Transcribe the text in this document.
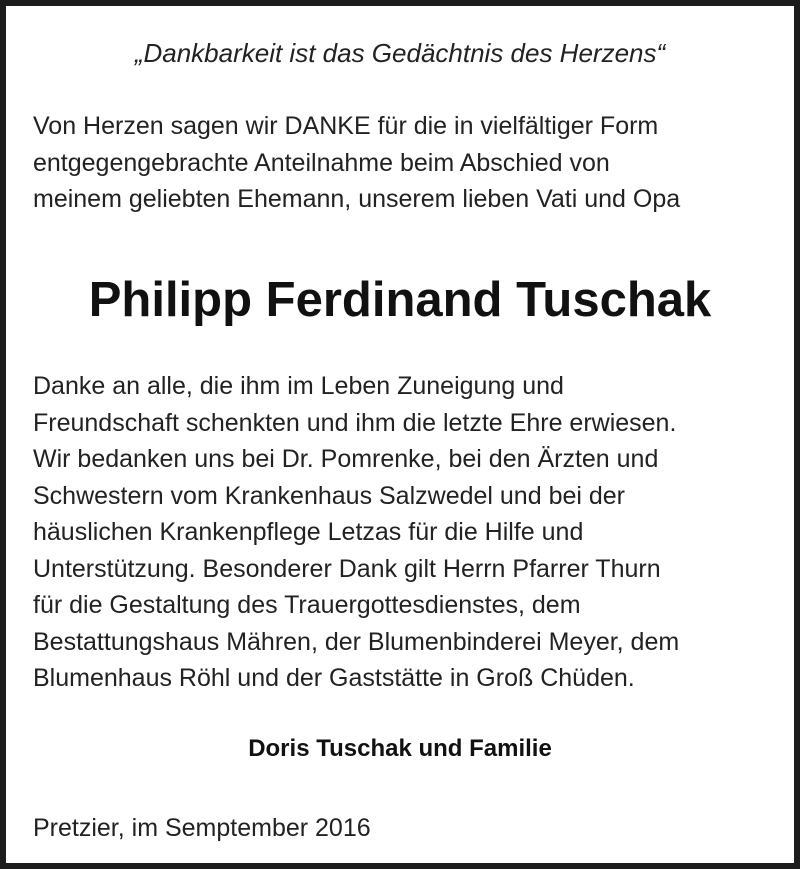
„Dankbarkeit ist das Gedächtnis des Herzens“
Von Herzen sagen wir DANKE für die in vielfältiger Form
entgegengebrachte Anteilnahme beim Abschied von
meinem geliebten Ehemann, unserem lieben Vati und Opa
Philipp Ferdinand Tuschak
Danke an alle, die ihm im Leben Zuneigung und
Freundschaft schenkten und ihm die letzte Ehre erwiesen.
Wir bedanken uns bei Dr. Pomrenke, bei den Ärzten und
Schwestern vom Krankenhaus Salzwedel und bei der
häuslichen Krankenpflege Letzas für die Hilfe und
Unterstützung. Besonderer Dank gilt Herrn Pfarrer Thurn
für die Gestaltung des Trauergottesdienstes, dem
Bestattungshaus Mähren, der Blumenbinderei Meyer, dem
Blumenhaus Röhl und der Gaststätte in Groß Chüden.
Doris Tuschak und Familie
Pretzier, im Semptember 2016
